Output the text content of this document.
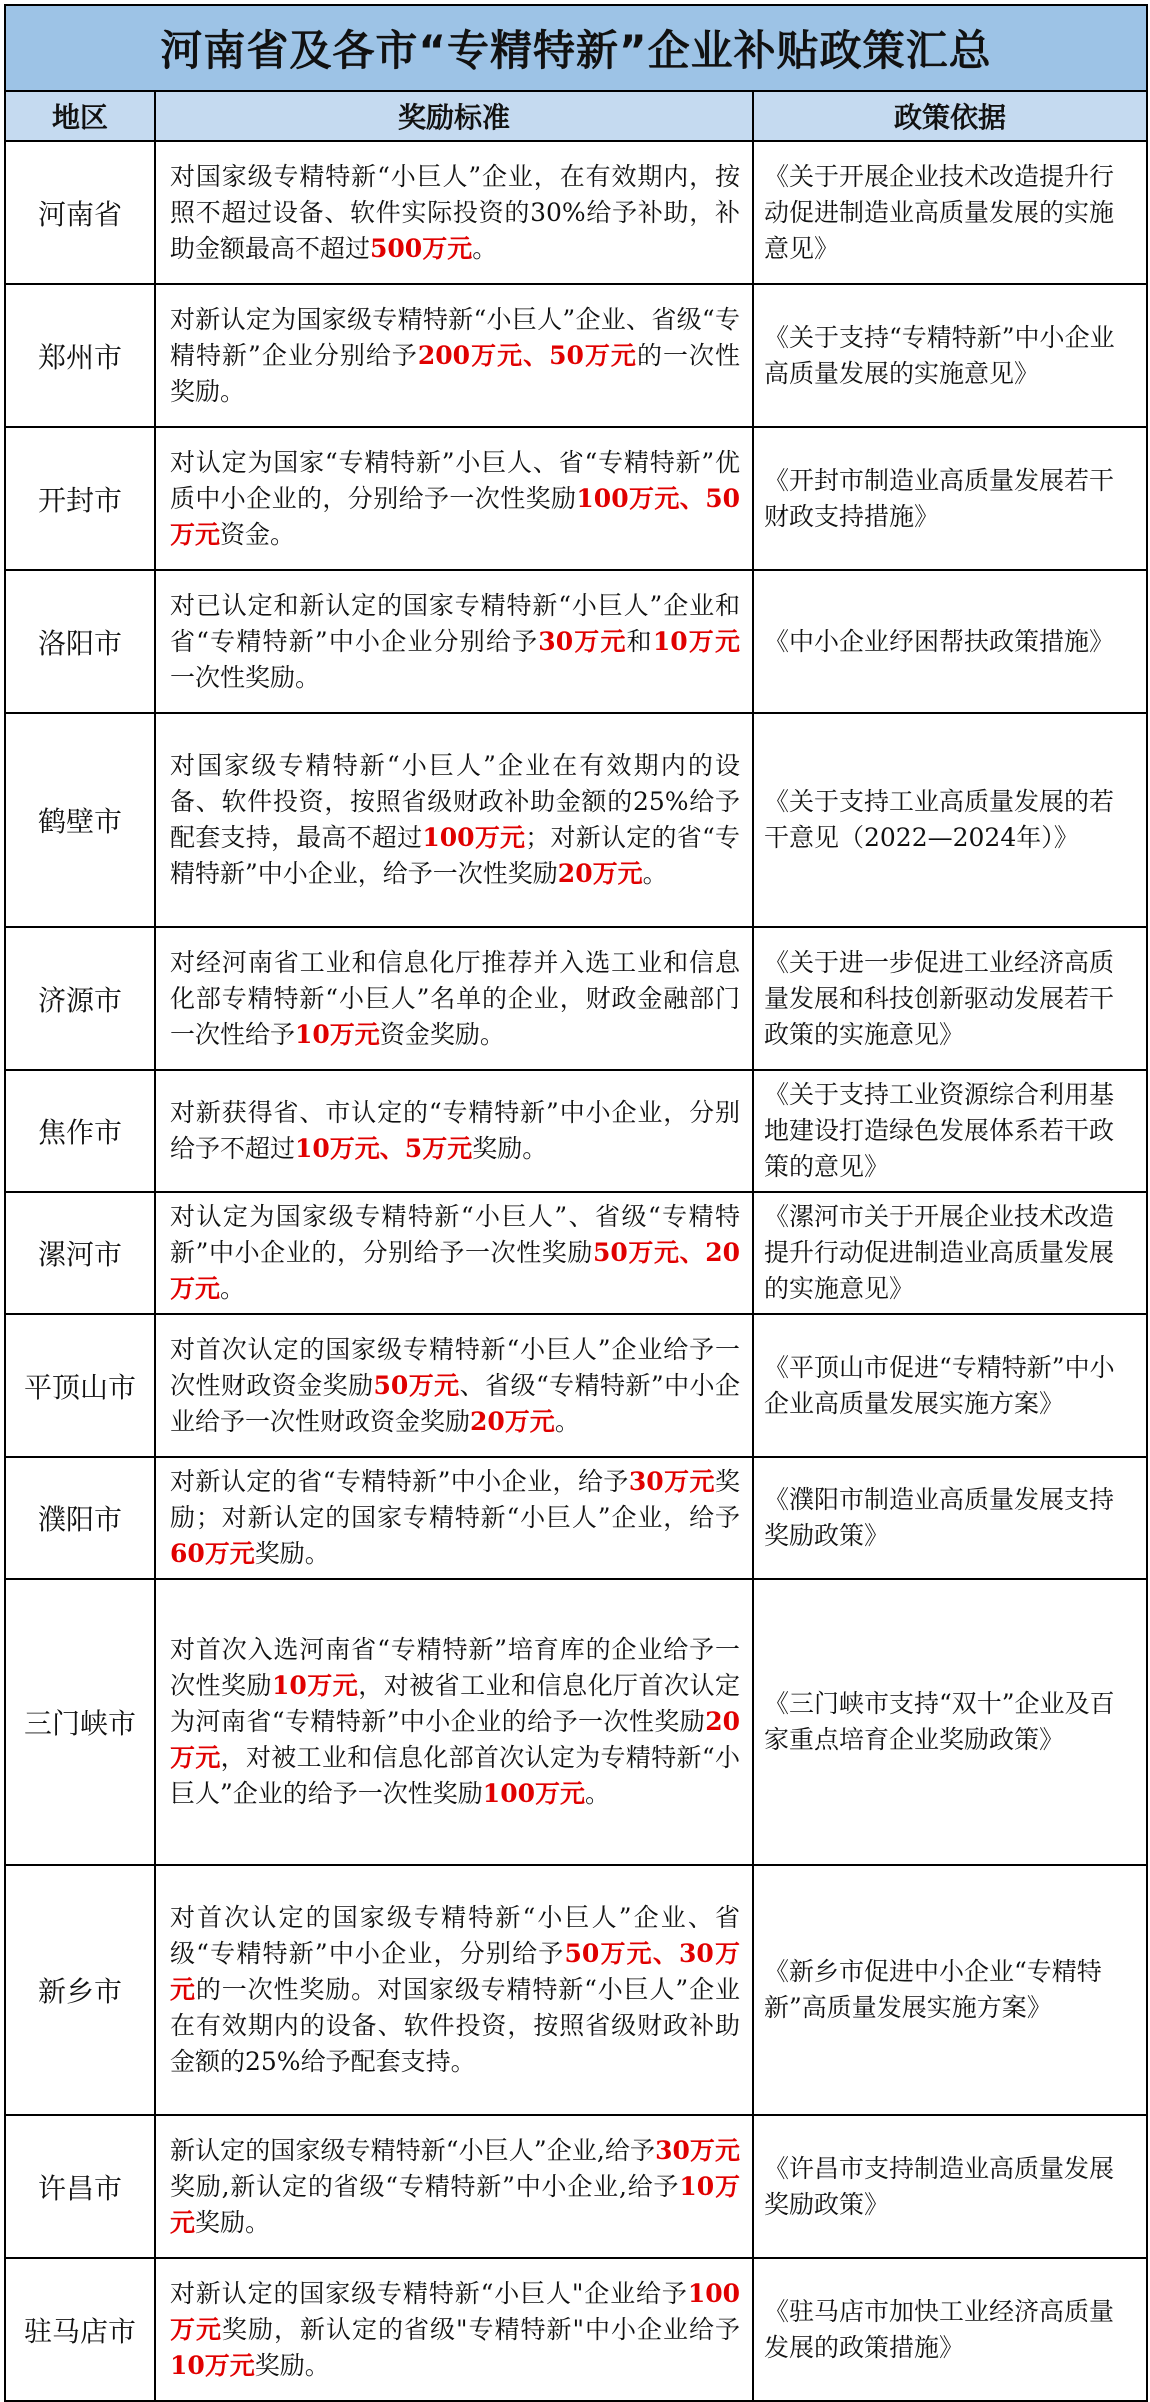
河南省及各市“专精特新”企业补贴政策汇总		
地区	奖励标准	政策依据
河南省	对国家级专精特新“小巨人”企业，在有效期内，按照不超过设备、软件实际投资的30%给予补助，补助金额最高不超过500万元。	《关于开展企业技术改造提升行动促进制造业高质量发展的实施意见》
郑州市	对新认定为国家级专精特新“小巨人”企业、省级“专精特新”企业分别给予200万元、50万元的一次性奖励。	《关于支持“专精特新”中小企业高质量发展的实施意见》
开封市	对认定为国家“专精特新”小巨人、省“专精特新”优质中小企业的，分别给予一次性奖励100万元、50万元资金。	《开封市制造业高质量发展若干财政支持措施》
洛阳市	对已认定和新认定的国家专精特新“小巨人”企业和省“专精特新”中小企业分别给予30万元和10万元一次性奖励。	《中小企业纾困帮扶政策措施》
鹤壁市	对国家级专精特新“小巨人”企业在有效期内的设备、软件投资，按照省级财政补助金额的25%给予配套支持，最高不超过100万元；对新认定的省“专精特新”中小企业，给予一次性奖励20万元。	《关于支持工业高质量发展的若干意见（2022—2024年）》
济源市	对经河南省工业和信息化厅推荐并入选工业和信息化部专精特新“小巨人”名单的企业，财政金融部门一次性给予10万元资金奖励。	《关于进一步促进工业经济高质量发展和科技创新驱动发展若干政策的实施意见》
焦作市	对新获得省、市认定的“专精特新”中小企业，分别给予不超过10万元、5万元奖励。	《关于支持工业资源综合利用基地建设打造绿色发展体系若干政策的意见》
漯河市	对认定为国家级专精特新“小巨人”、省级“专精特新”中小企业的，分别给予一次性奖励50万元、20万元。	《漯河市关于开展企业技术改造提升行动促进制造业高质量发展的实施意见》
平顶山市	对首次认定的国家级专精特新“小巨人”企业给予一次性财政资金奖励50万元、省级“专精特新”中小企业给予一次性财政资金奖励20万元。	《平顶山市促进“专精特新”中小企业高质量发展实施方案》
濮阳市	对新认定的省“专精特新”中小企业，给予30万元奖励；对新认定的国家专精特新“小巨人”企业，给予60万元奖励。	《濮阳市制造业高质量发展支持奖励政策》
三门峡市	对首次入选河南省“专精特新”培育库的企业给予一次性奖励10万元，对被省工业和信息化厅首次认定为河南省“专精特新”中小企业的给予一次性奖励20万元，对被工业和信息化部首次认定为专精特新“小巨人”企业的给予一次性奖励100万元。	《三门峡市支持“双十”企业及百家重点培育企业奖励政策》
新乡市	对首次认定的国家级专精特新“小巨人”企业、省级“专精特新”中小企业，分别给予50万元、30万元的一次性奖励。对国家级专精特新“小巨人”企业在有效期内的设备、软件投资，按照省级财政补助金额的25%给予配套支持。	《新乡市促进中小企业“专精特新”高质量发展实施方案》
许昌市	新认定的国家级专精特新“小巨人”企业,给予30万元奖励,新认定的省级“专精特新”中小企业,给予10万元奖励。	《许昌市支持制造业高质量发展奖励政策》
驻马店市	对新认定的国家级专精特新“小巨人"企业给予100万元奖励，新认定的省级"专精特新"中小企业给予10万元奖励。	《驻马店市加快工业经济高质量发展的政策措施》
